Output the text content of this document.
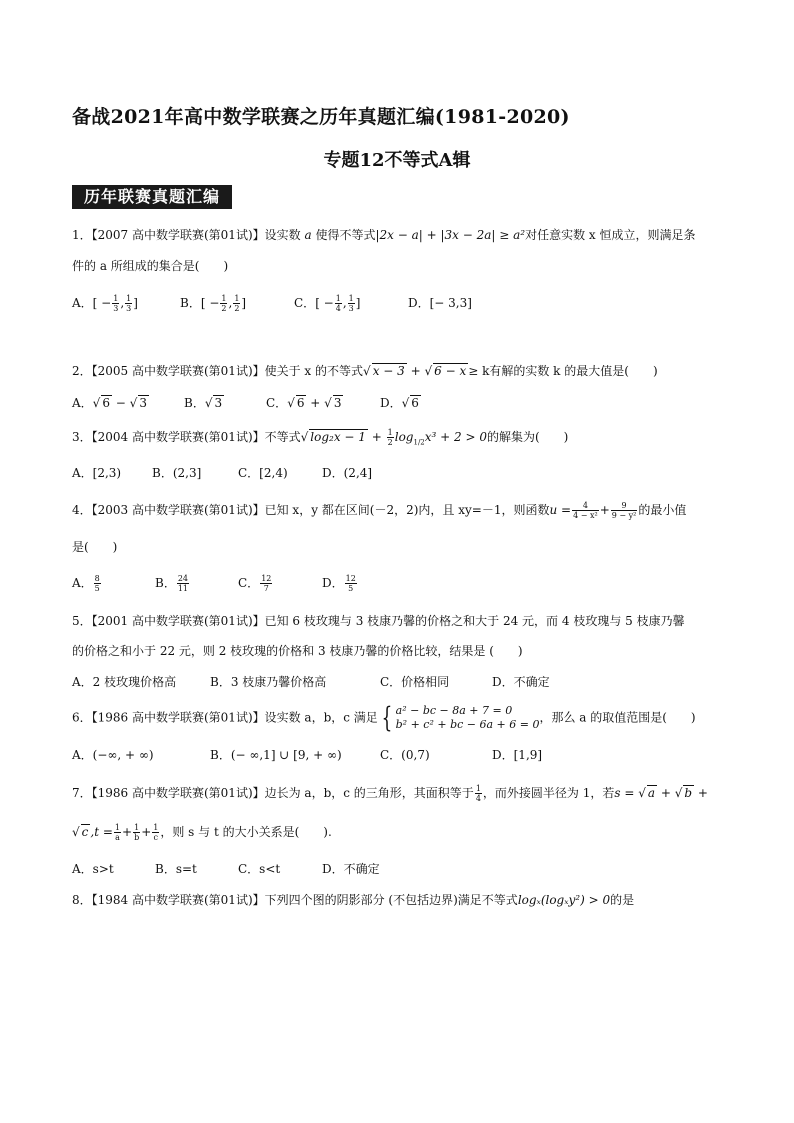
备战2021年高中数学联赛之历年真题汇编(1981-2020)
专题12不等式A辑
历年联赛真题汇编
1．【2007 高中数学联赛(第01试)】设实数 a 使得不等式|2x − a| + |3x − 2a| ≥ a²对任意实数 x 恒成立，则满足条
件的 a 所组成的集合是(　　)
A．[ − $\frac{1}{3}$ , $\frac{1}{3}$ ]	B．[ − $\frac{1}{2}$ , $\frac{1}{2}$ ]	C．[ − $\frac{1}{4}$ , $\frac{1}{3}$ ]	D．[− 3,3]
2．【2005 高中数学联赛(第01试)】使关于 x 的不等式√ x − 3 + √ 6 − x ≥ k有解的实数 k 的最大值是(　　)
A．√ 6 − √ 3	B．√ 3	C．√ 6 + √ 3	D．√ 6
3．【2004 高中数学联赛(第01试)】不等式√ $\log_2x - 1 + \frac{1}{2} \log_{1/2}x^3 + 2 > 0$的解集为(　　)
A．[2,3)	B．(2,3]	C．[2,4)	D．(2,4]
4．【2003 高中数学联赛(第01试)】已知 x，y 都在区间(－2，2)内，且 xy=－1，则函数$u = \frac{4}{\text{4 − x²}} + \frac{9}{\text{9 − y²}}$ 的最小值
是(　　)
A． $\frac{8}{5}$	B． $\frac{24}{11}$	C． $\frac{12}{7}$	D． $\frac{12}{5}$
5．【2001 高中数学联赛(第01试)】已知 6 枝玫瑰与 3 枝康乃馨的价格之和大于 24 元，而 4 枝玫瑰与 5 枝康乃馨
的价格之和小于 22 元，则 2 枝玫瑰的价格和 3 枝康乃馨的价格比较，结果是 (　　)
A．2 枝玫瑰价格高	B．3 枝康乃馨价格高	C．价格相同	D．不确定
6．【1986 高中数学联赛(第01试)】设实数 a，b，c 满足 { a² − bc − 8a + 7 = 0
b² + c² + bc − 6a + 6 = 0 ，那么 a 的取值范围是(　　)
A．(−∞, + ∞)	B．(− ∞,1] ∪ [9, + ∞)	C．(0,7)	D．[1,9]
7．【1986 高中数学联赛(第01试)】边长为 a，b，c 的三角形，其面积等于 $\frac{1}{4}$ ，而外接圆半径为 1，若s = √ a + √ b +
√ c $,t = \frac{1}{a} + \frac{1}{b} + \frac{1}{c}$ ，则 s 与 t 的大小关系是(　　).
A．s>t	B．s=t	C．s<t	D．不确定
8．【1984 高中数学联赛(第01试)】下列四个图的阴影部分 (不包括边界)满足不等式logₓ(logₓy²) > 0的是
